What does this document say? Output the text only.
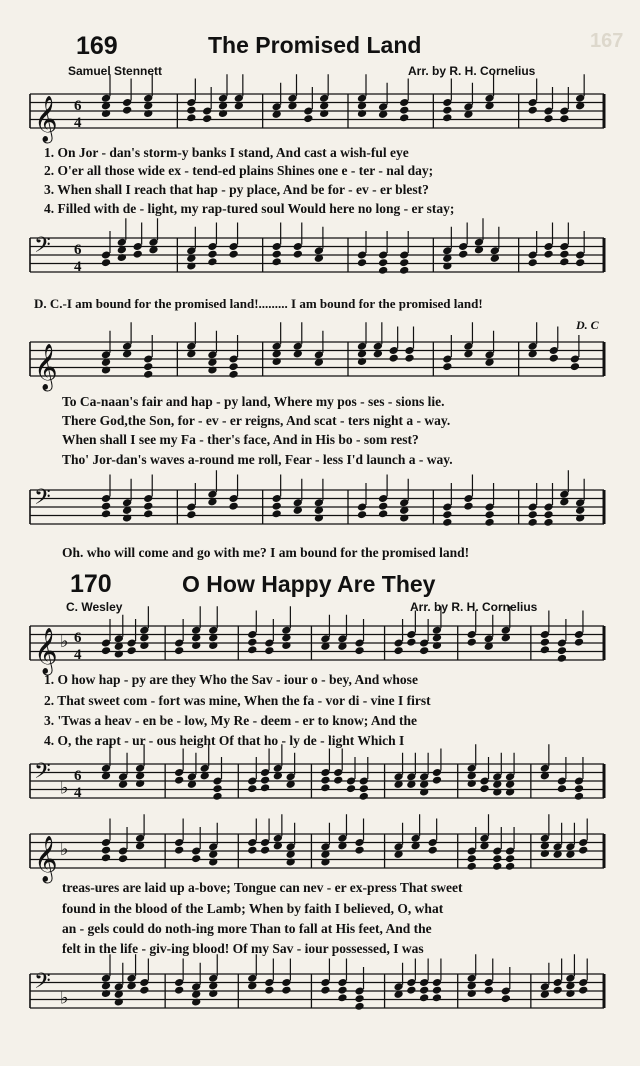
167
169	The Promised Land
Samuel Stennett	Arr. by R. H. Cornelius
𝄞 6
4
1. On Jor - dan's storm-y banks I stand, And cast a wish-ful eye
2. O'er all those wide ex - tend-ed plains Shines one e - ter - nal day;
3. When shall I reach that hap - py place, And be for - ev - er blest?
4. Filled with de - light, my rap-tured soul Would here no long - er stay;
𝄢 6
4
D. C.-I am bound for the promised land!......... I am bound for the promised land!
D. C
𝄞
To Ca-naan's fair and hap - py land, Where my pos - ses - sions lie.
There God,the Son, for - ev - er reigns, And scat - ters night a - way.
When shall I see my Fa - ther's face, And in His bo - som rest?
Tho' Jor-dan's waves a-round me roll, Fear - less I'd launch a - way.
𝄢
Oh. who will come and go with me? I am bound for the promised land!
170	O How Happy Are They
C. Wesley	Arr. by R. H. Cornelius
𝄞 ♭ 6
4
1. O how hap - py are they Who the Sav - iour o - bey, And whose
2. That sweet com - fort was mine, When the fa - vor di - vine I first
3. 'Twas a heav - en be - low, My Re - deem - er to know; And the
4. O, the rapt - ur - ous height Of that ho - ly de - light Which I
𝄢 ♭
6
4
𝄞 ♭
treas-ures are laid up a-bove; Tongue can nev - er ex-press That sweet
found in the blood of the Lamb; When by faith I believed, O, what
an - gels could do noth-ing more Than to fall at His feet, And the
felt in the life - giv-ing blood! Of my Sav - iour possessed, I was
𝄢 ♭
